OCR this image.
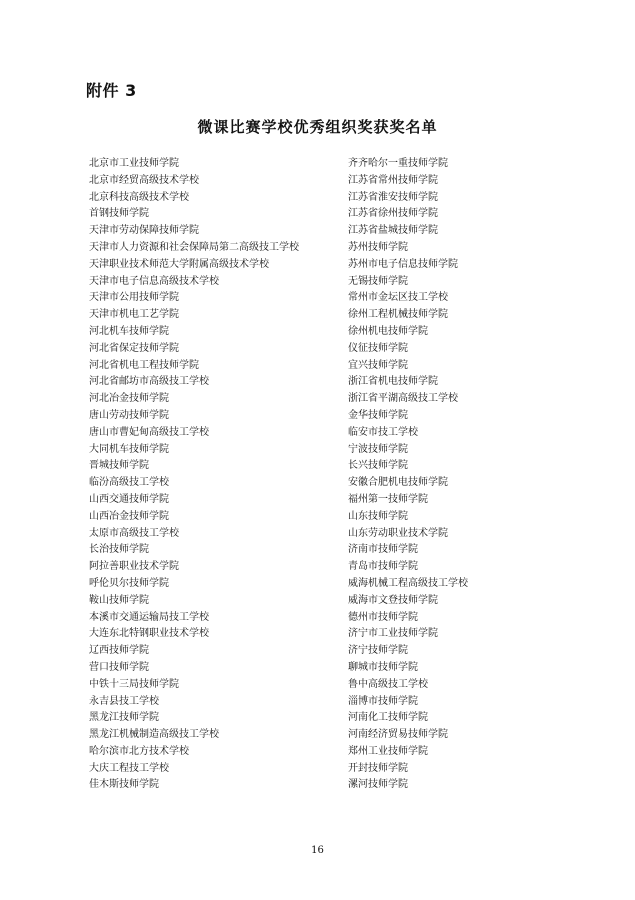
附件 3
微课比赛学校优秀组织奖获奖名单
北京市工业技师学院
北京市经贸高级技术学校
北京科技高级技术学校
首钢技师学院
天津市劳动保障技师学院
天津市人力资源和社会保障局第二高级技工学校
天津职业技术师范大学附属高级技术学校
天津市电子信息高级技术学校
天津市公用技师学院
天津市机电工艺学院
河北机车技师学院
河北省保定技师学院
河北省机电工程技师学院
河北省邮坊市高级技工学校
河北冶金技师学院
唐山劳动技师学院
唐山市曹妃甸高级技工学校
大同机车技师学院
晋城技师学院
临汾高级技工学校
山西交通技师学院
山西冶金技师学院
太原市高级技工学校
长治技师学院
阿拉善职业技术学院
呼伦贝尔技师学院
鞍山技师学院
本溪市交通运输局技工学校
大连东北特钢职业技术学校
辽西技师学院
营口技师学院
中铁十三局技师学院
永吉县技工学校
黑龙江技师学院
黑龙江机械制造高级技工学校
哈尔滨市北方技术学校
大庆工程技工学校
佳木斯技师学院
齐齐哈尔一重技师学院
江苏省常州技师学院
江苏省淮安技师学院
江苏省徐州技师学院
江苏省盐城技师学院
苏州技师学院
苏州市电子信息技师学院
无锡技师学院
常州市金坛区技工学校
徐州工程机械技师学院
徐州机电技师学院
仪征技师学院
宜兴技师学院
浙江省机电技师学院
浙江省平湖高级技工学校
金华技师学院
临安市技工学校
宁波技师学院
长兴技师学院
安徽合肥机电技师学院
福州第一技师学院
山东技师学院
山东劳动职业技术学院
济南市技师学院
青岛市技师学院
威海机械工程高级技工学校
威海市文登技师学院
德州市技师学院
济宁市工业技师学院
济宁技师学院
聊城市技师学院
鲁中高级技工学校
淄博市技师学院
河南化工技师学院
河南经济贸易技师学院
郑州工业技师学院
开封技师学院
漯河技师学院
16
